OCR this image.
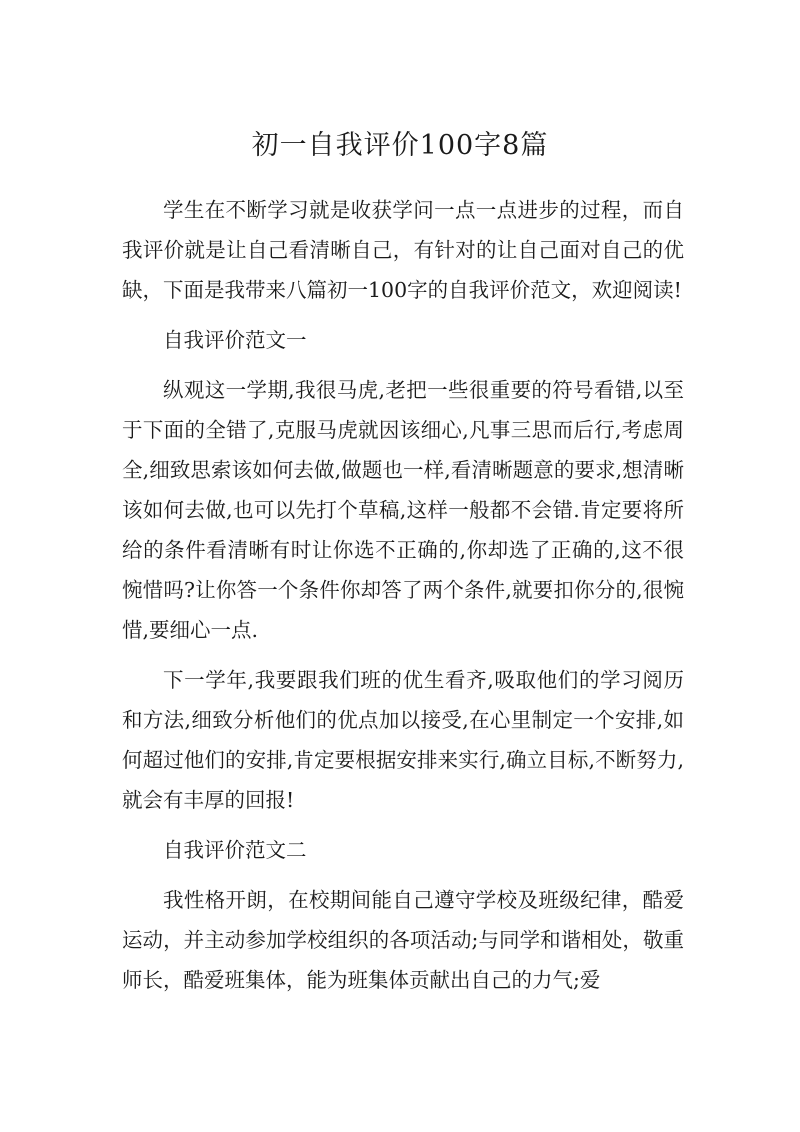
初一自我评价100字8篇

学生在不断学习就是收获学问一点一点进步的过程，而自我评价就是让自己看清晰自己，有针对的让自己面对自己的优缺，下面是我带来八篇初一100字的自我评价范文，欢迎阅读!

自我评价范文一

纵观这一学期,我很马虎,老把一些很重要的符号看错,以至于下面的全错了,克服马虎就因该细心,凡事三思而后行,考虑周全,细致思索该如何去做,做题也一样,看清晰题意的要求,想清晰该如何去做,也可以先打个草稿,这样一般都不会错.肯定要将所给的条件看清晰有时让你选不正确的,你却选了正确的,这不很惋惜吗?让你答一个条件你却答了两个条件,就要扣你分的,很惋惜,要细心一点.

下一学年,我要跟我们班的优生看齐,吸取他们的学习阅历和方法,细致分析他们的优点加以接受,在心里制定一个安排,如何超过他们的安排,肯定要根据安排来实行,确立目标,不断努力,就会有丰厚的回报!

自我评价范文二

我性格开朗，在校期间能自己遵守学校及班级纪律，酷爱运动，并主动参加学校组织的各项活动;与同学和谐相处，敬重师长，酷爱班集体，能为班集体贡献出自己的力气;爱
